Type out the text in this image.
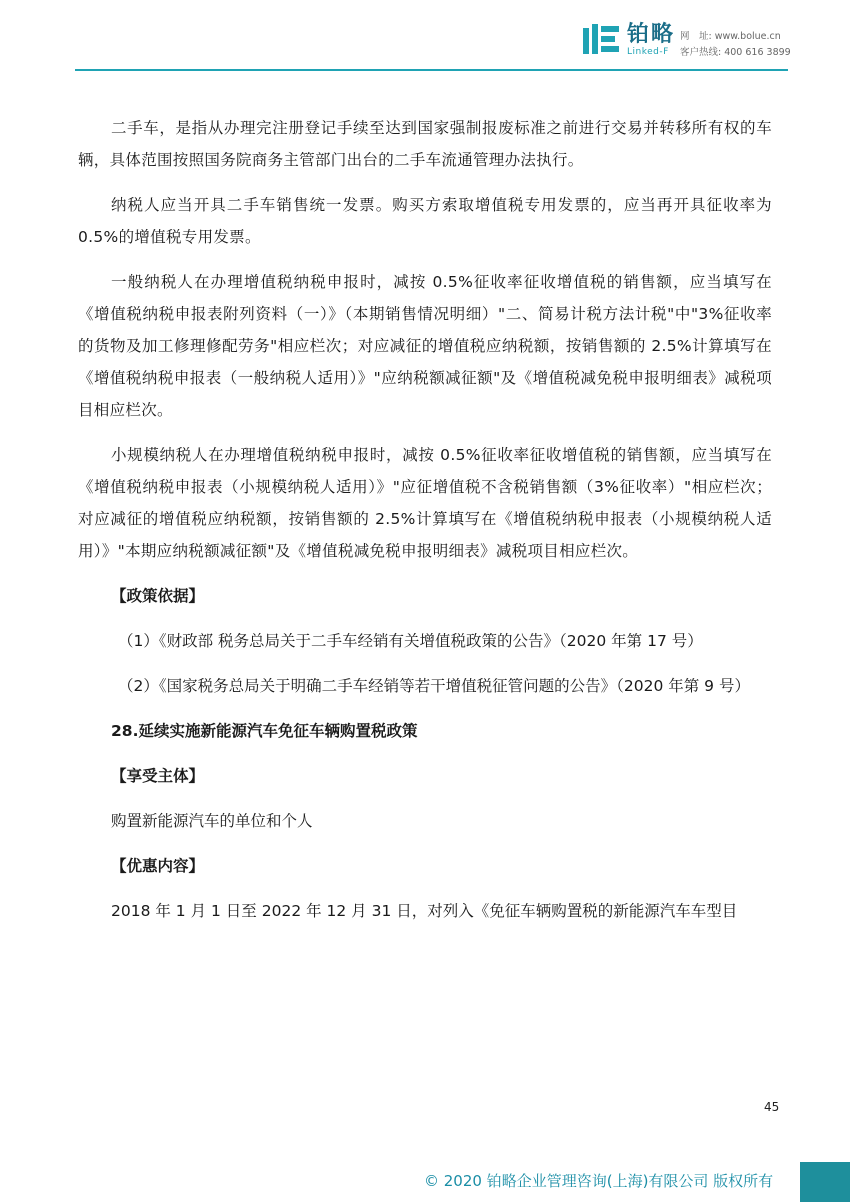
铂略
Linked-F
网　址: www.bolue.cn
客户热线: 400 616 3899

二手车，是指从办理完注册登记手续至达到国家强制报废标准之前进行交易并转移所有权的车辆，具体范围按照国务院商务主管部门出台的二手车流通管理办法执行。

纳税人应当开具二手车销售统一发票。购买方索取增值税专用发票的，应当再开具征收率为 0.5%的增值税专用发票。

一般纳税人在办理增值税纳税申报时，减按 0.5%征收率征收增值税的销售额，应当填写在《增值税纳税申报表附列资料（一）》（本期销售情况明细）"二、简易计税方法计税"中"3%征收率的货物及加工修理修配劳务"相应栏次；对应减征的增值税应纳税额，按销售额的 2.5%计算填写在《增值税纳税申报表（一般纳税人适用）》"应纳税额减征额"及《增值税减免税申报明细表》减税项目相应栏次。

小规模纳税人在办理增值税纳税申报时，减按 0.5%征收率征收增值税的销售额，应当填写在《增值税纳税申报表（小规模纳税人适用）》"应征增值税不含税销售额（3%征收率）"相应栏次；对应减征的增值税应纳税额，按销售额的 2.5%计算填写在《增值税纳税申报表（小规模纳税人适用）》"本期应纳税额减征额"及《增值税减免税申报明细表》减税项目相应栏次。

【政策依据】

（1）《财政部 税务总局关于二手车经销有关增值税政策的公告》（2020 年第 17 号）

（2）《国家税务总局关于明确二手车经销等若干增值税征管问题的公告》（2020 年第 9 号）

28.延续实施新能源汽车免征车辆购置税政策

【享受主体】

购置新能源汽车的单位和个人

【优惠内容】

2018 年 1 月 1 日至 2022 年 12 月 31 日，对列入《免征车辆购置税的新能源汽车车型目

45
© 2020 铂略企业管理咨询(上海)有限公司 版权所有
